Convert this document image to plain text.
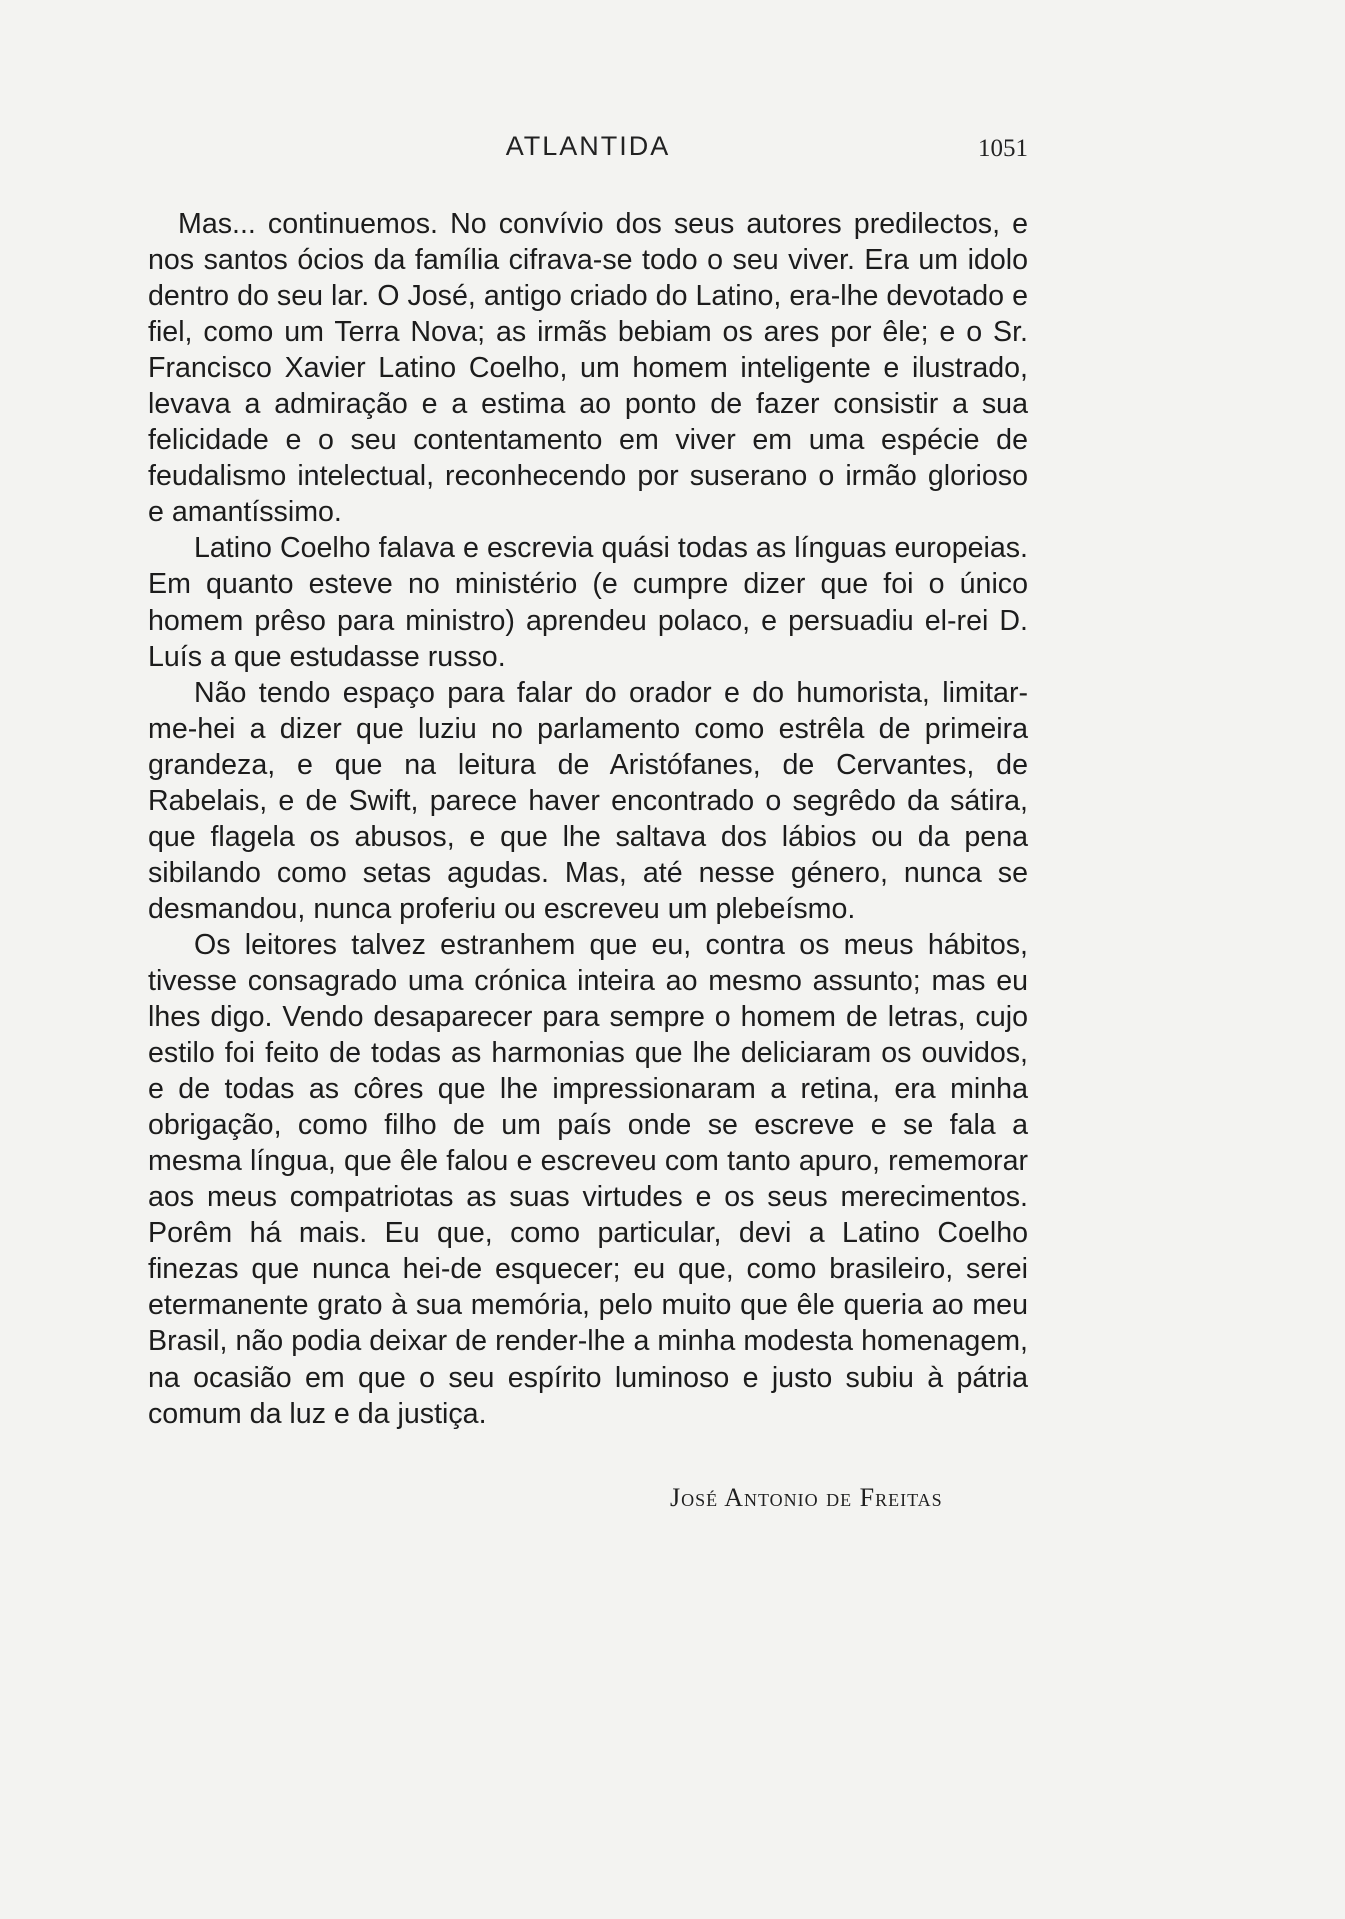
ATLANTIDA	1051

Mas... continuemos. No convívio dos seus autores predilectos, e nos santos ócios da família cifrava-se todo o seu viver. Era um idolo dentro do seu lar. O José, antigo criado do Latino, era-lhe devotado e fiel, como um Terra Nova; as irmãs bebiam os ares por êle; e o Sr. Francisco Xavier Latino Coelho, um homem inteligente e ilustrado, levava a admiração e a estima ao ponto de fazer consistir a sua felicidade e o seu contentamento em viver em uma espécie de feudalismo intelectual, reconhecendo por suserano o irmão glorioso e amantíssimo.

Latino Coelho falava e escrevia quási todas as línguas europeias. Em quanto esteve no ministério (e cumpre dizer que foi o único homem prêso para ministro) aprendeu polaco, e persuadiu el-rei D. Luís a que estudasse russo.

Não tendo espaço para falar do orador e do humorista, limitar-me-hei a dizer que luziu no parlamento como estrêla de primeira grandeza, e que na leitura de Aristófanes, de Cervantes, de Rabelais, e de Swift, parece haver encontrado o segrêdo da sátira, que flagela os abusos, e que lhe saltava dos lábios ou da pena sibilando como setas agudas. Mas, até nesse género, nunca se desmandou, nunca proferiu ou escreveu um plebeísmo.

Os leitores talvez estranhem que eu, contra os meus hábitos, tivesse consagrado uma crónica inteira ao mesmo assunto; mas eu lhes digo. Vendo desaparecer para sempre o homem de letras, cujo estilo foi feito de todas as harmonias que lhe deliciaram os ouvidos, e de todas as côres que lhe impressionaram a retina, era minha obrigação, como filho de um país onde se escreve e se fala a mesma língua, que êle falou e escreveu com tanto apuro, rememorar aos meus compatriotas as suas virtudes e os seus merecimentos. Porêm há mais. Eu que, como particular, devi a Latino Coelho finezas que nunca hei-de esquecer; eu que, como brasileiro, serei etermanente grato à sua memória, pelo muito que êle queria ao meu Brasil, não podia deixar de render-lhe a minha modesta homenagem, na ocasião em que o seu espírito luminoso e justo subiu à pátria comum da luz e da justiça.

José Antonio de Freitas
